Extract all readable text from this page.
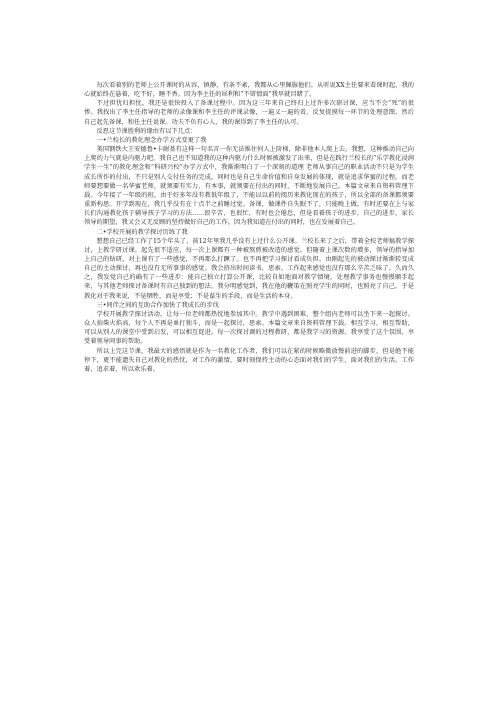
每次看着别的老师上公开课时的从容，镇静，有条不紊，我都从心里佩服他们。从听说XX主任要来看课时起，我的心就始终在悬着，吃不好，睡不香。因为李主任的犀利和“不留情面”我早就目睹了。

不过担忧归担忧，我还是很快投入了备课过程中。因为这三年来自己终归上过许多次研讨课，应当不会“死”的很惨。我找出了李主任指导的老师的录像课和李主任的评课录像，一遍又一遍的看，反复捉摸每一环节的处理意图。然后自己起先备课，和任主任说课。功夫不负有心人，我的课得到了李主任的认可。

反思这节课胜利的缘由有以下几点：

一•兰校长的教化理念办学方式变更了我

美国钢铁大王安德鲁•卡耐基有这样一句名言一你无法推住何人上阶梯，除非他本人爬上去。我想，这种推动自己向上爬的力气就是内驱力吧。我自己也不知道我的这种内驱力什么时候被激发了出来，但是在践行兰校长的“乐学教化浸润学生一生”的教化理念和“科研兴校”办学方式中，我渐渐明白了一个深刻的道理 老师从事自己的职业活动不只是为学生成长所作的付出，不只是别人交付任务的完成，同时也是自己生命价值和自身发展的体现，就是追求华蜜的过程。而老师要想要做一名华蜜老师，就须要有实力、有本事，就须要在付出的同时，不断地发展自己。本篇文章来自资料管理下载。今年接了一年级的班，由于好多年没有教低年级了，不能以以前的阅历来教化现在的孩子，所以全部的备课都须要重新构思。开学到现在，我几乎没有在十点半之前睡过觉。备课，做课件自失眠不了，只能晚上做。有时还要在上与家长们沟通教化孩子辅导孩子学习的方法......很辛苦，也很忙，有时也会倦怠，但是看着孩子的进步，自己的进步，家长领导的期望，我又会又无反顾的坚持做好自己的工作。因为我知道在付出的同时，也在发展着自己。

二•学校开展的教学探讨历练了我

想想自己已经工作了15个年头了，前12年里我几乎没有上过什么公开课。兰校长来了之后，带着全校老师搞教学探讨，上教学研讨课。起先很不适应，每一次上课都有一种被熬煎被改造的感觉。但随着上课次数的增多，领导的指导加上自己的钻研，对上课有了一些感觉，不再那么打蹶了。也不再把学习探讨看成负担。由刚起先的被动探讨渐渐转变成自己的主动探讨，再也没有无所事事的感觉。我会挤出时间读书，思索。工作起来感觉也没有那么辛苦乏味了。久而久之，我发觉自己的确有了一些进步：能自己独立打算公开课，比较自如地面对教学情境，处理教学事务也慢慢顺手起来，与其他老师探讨备课时有自己独到的想法。我分明感觉到，我在他的鞭策在照亮学生的同时，也照亮了自己。于是教化对于我来说，不是牺牲，而是享受；不是谋生的手段，而是生活的本身。

三•同伴之间的互助合作加快了我成长的步伐

学校开展教学探讨活动，让每一位老师都热忱地参加其中。教学中遇到困难，整个组内老师可以坐下来一起探讨。众人拾柴火焰高，每个人不再是单打独斗，而是一起探讨，思索。本篇文章来自资料管理下载。相互学习，相互帮助，可以从别人的课堂中受到启发，可以相互促进。每一次探讨调的过程教研，都是我学习的资源。我享受了这个氛围，享受着领导同事的帮助。

所以上完这节课，我最大的感悟就是作为一名教化工作者，我们可以在紧的时候略微放慢前进的脚步，但是绝不能停下，更不能遗失自己对教化的热忱，对工作的激情，要时刻保持主动的心态面对我们的学生，面对我们的生活。工作着，追求着，所以欢乐着。
